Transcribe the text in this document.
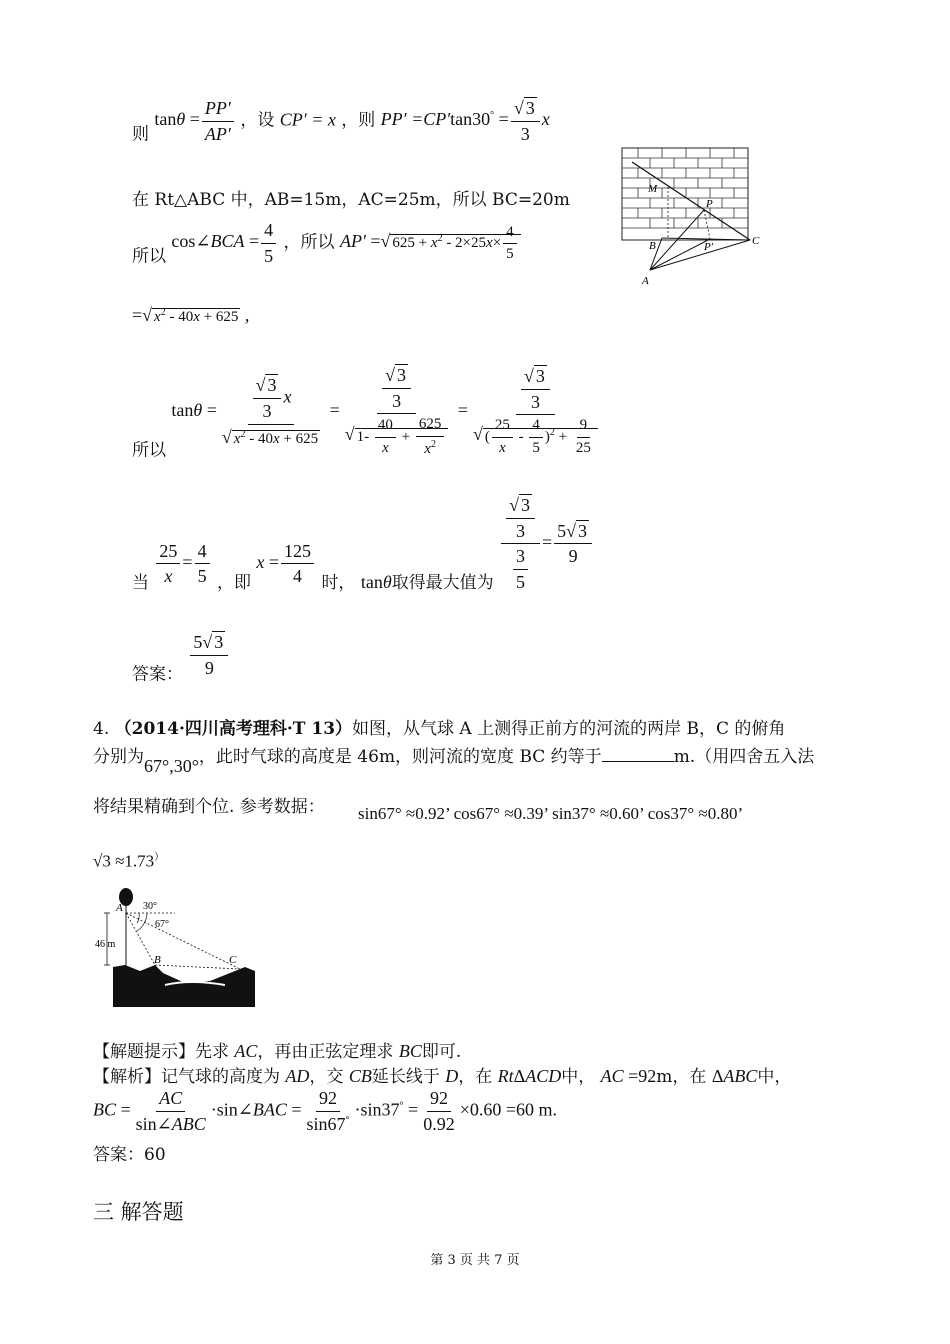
则 $\tan\theta = \frac{PP'}{AP'}$ ，设 CP′ = x ，则 $PP' =CP'\tan 30^\circ = \frac{√ 3}{3}$ x
在 Rt△ABC 中，AB=15m，AC=25m，所以 BC=20m
所以 cos∠BCA = $\frac{4}{5}$ ，所以 AP′ =√ $625 + x^2 - 2\times 25x\times \frac{4}{5}$
=√ $x^2 - 40x + 625$ ,
所以 $\tan\theta = \frac{\frac{√ 3}{3} x}{√ x^2 - 40x + 625} = \frac{\frac{√ 3}{3}}{√ 1- \frac{40}{x} + \frac{625}{x^2}} = \frac{\frac{√ 3}{3}}{√ ( \frac{25}{x} - \frac{4}{5} )^2 + \frac{9}{25}}$
当 $\frac{25}{x} = \frac{4}{5}$ ，即 $x = \frac{125}{4}$ 时， tanθ取得最大值为 $\frac{\frac{√ 3}{3}}{\frac{3}{5}} = \frac{5√ 3}{9}$
答案： $\frac{5√ 3}{9}$
M
P
B	P′	C
A
4. （2014·四川高考理科·T 13）如图，从气球 A 上测得正前方的河流的两岸 B，C 的俯角
分别为67°,30°，此时气球的高度是 46m，则河流的宽度 BC 约等于	m.（用四舍五入法
将结果精确到个位. 参考数据： sin67° ≈0.92’ cos67° ≈0.39’ sin37° ≈0.60’ cos37° ≈0.80’
√3 ≈1.73）
A 30°
67°
46 m
B	C
【解题提示】先求 AC，再由正弦定理求 BC即可.
【解析】记气球的高度为 AD，交 CB延长线于 D，在 RtΔACD中， AC =92m，在 ΔABC中，
BC = $\frac{AC}{\text{sin∠ABC}}$ ·sin∠BAC = $\frac{92}{\sin 67^\circ} \cdot\sin 37^\circ = \frac{92}{0.92} \times 0.60 =60$ m.
答案：60
三 解答题
第 3 页 共 7 页
